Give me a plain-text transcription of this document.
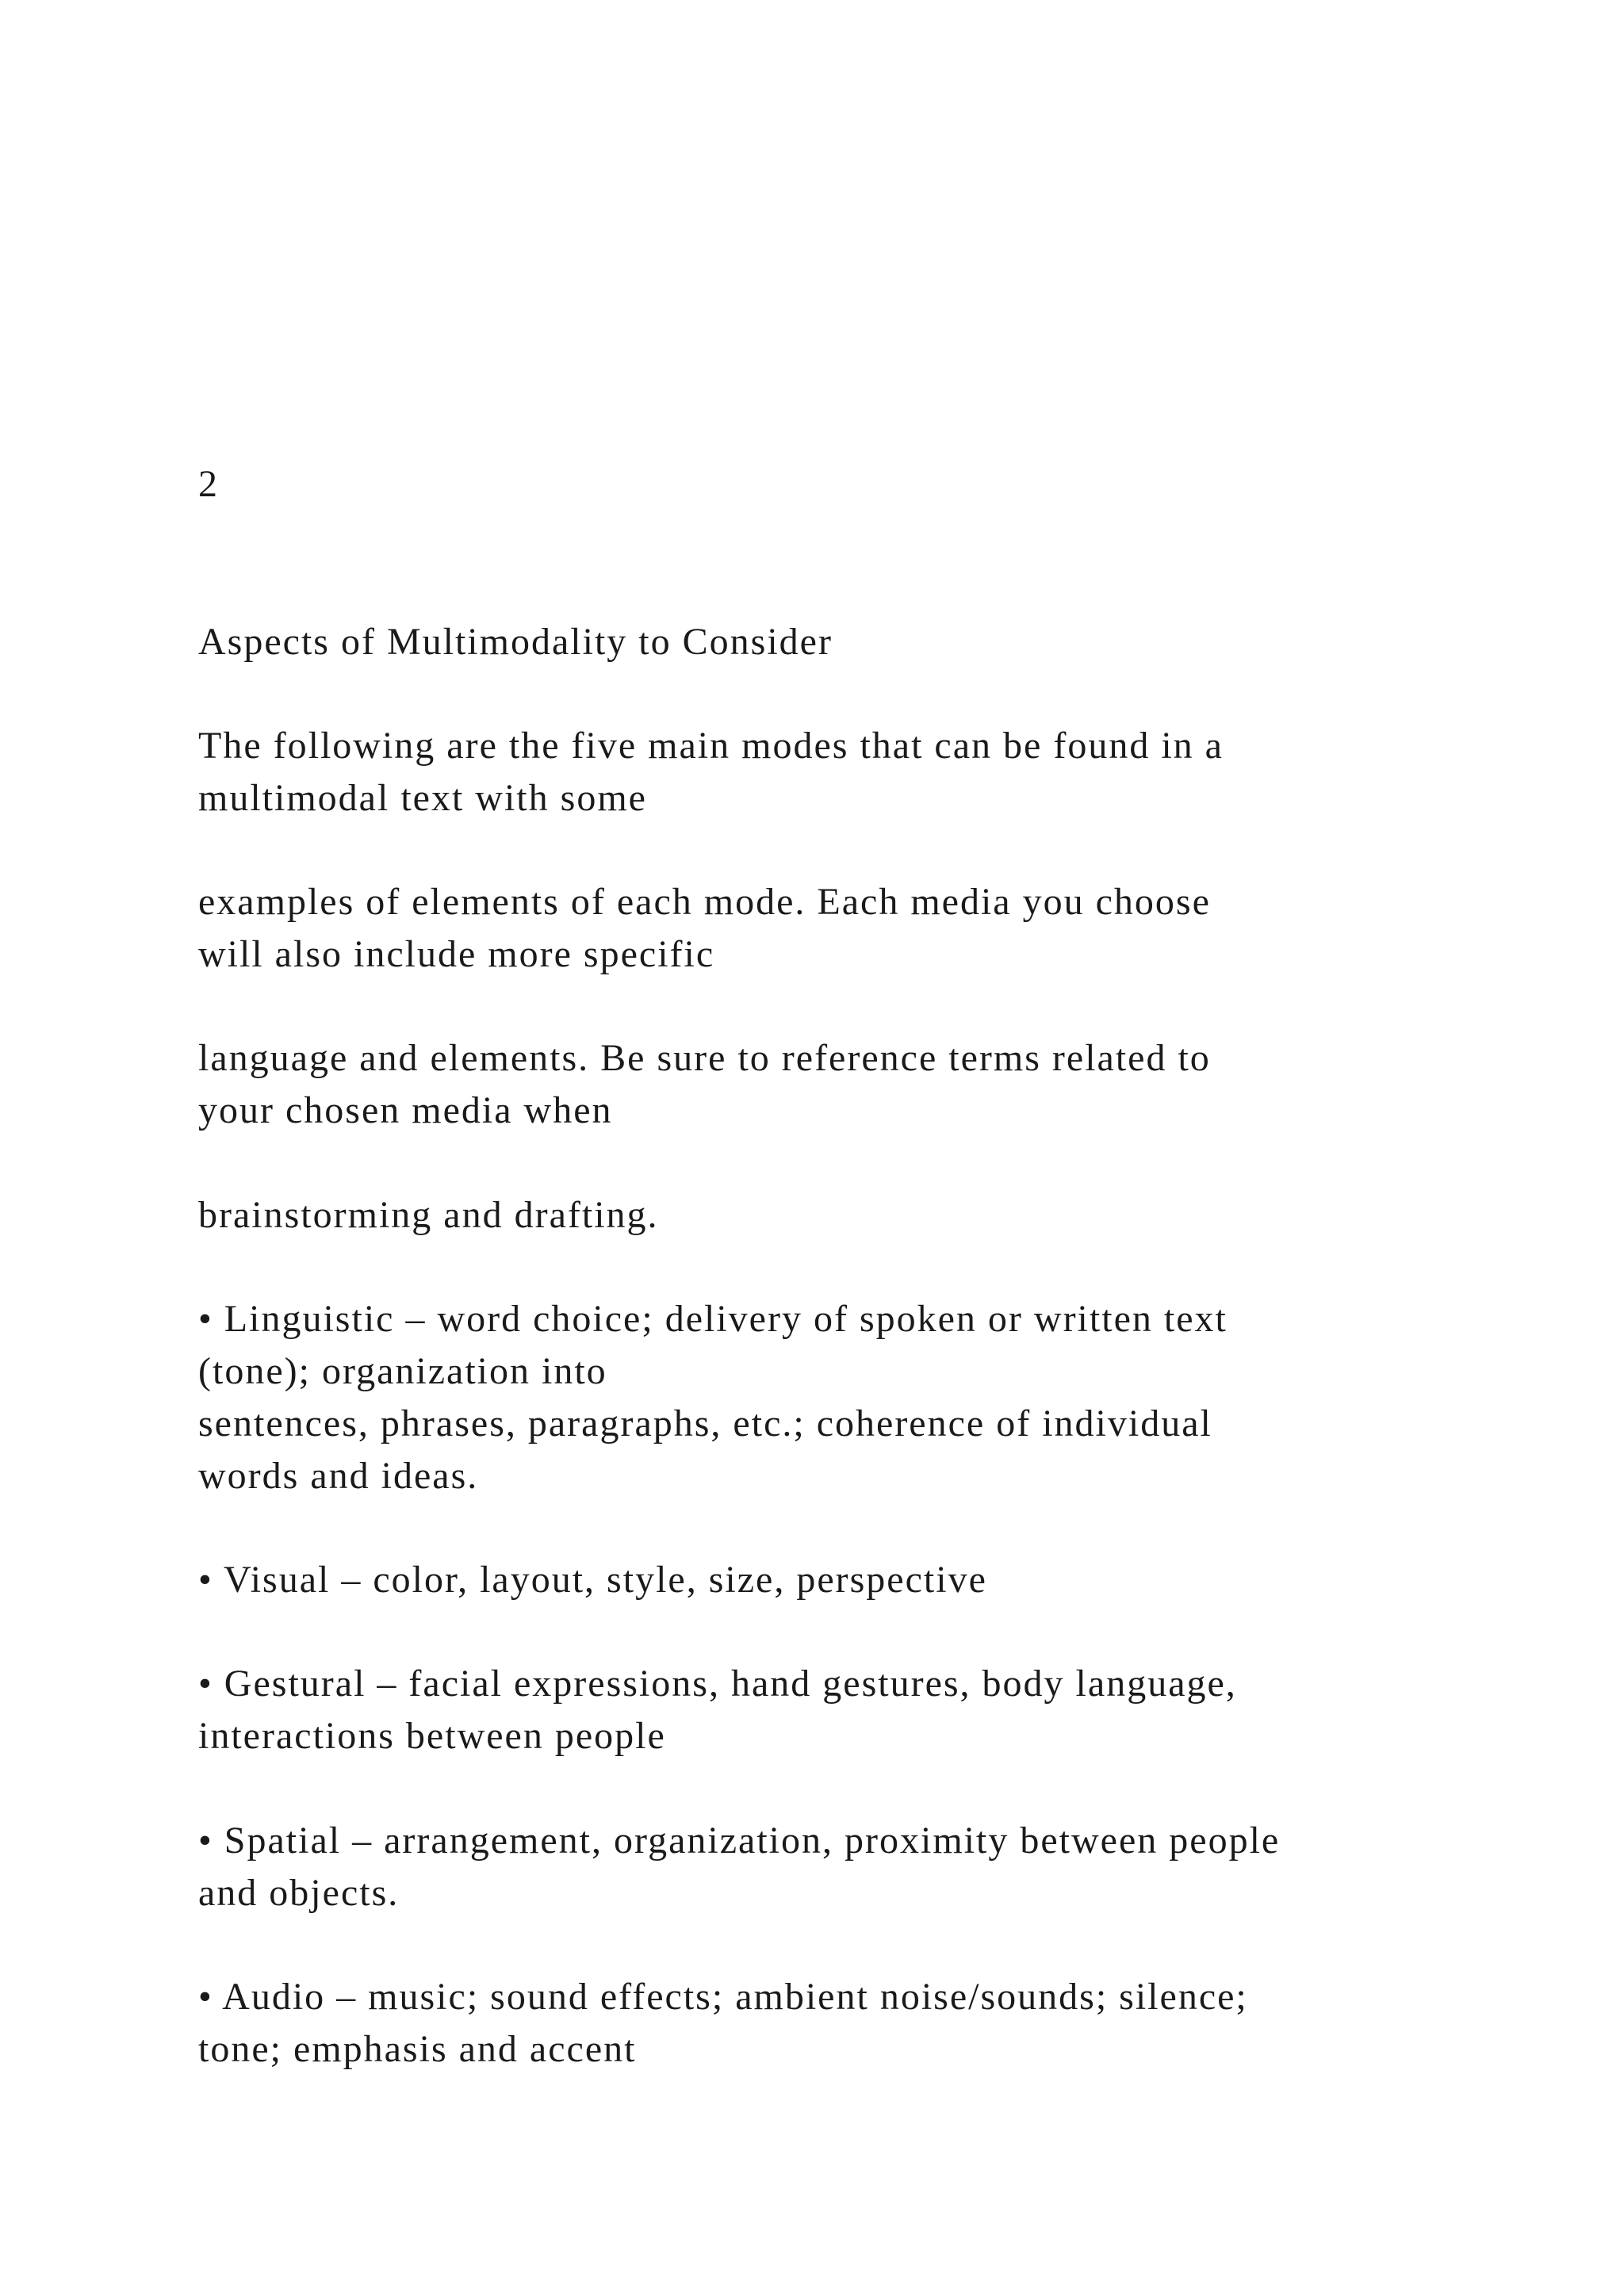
2
Aspects of Multimodality to Consider
The following are the five main modes that can be found in a
multimodal text with some
examples of elements of each mode. Each media you choose
will also include more specific
language and elements. Be sure to reference terms related to
your chosen media when
brainstorming and drafting.
• Linguistic – word choice; delivery of spoken or written text
(tone); organization into
sentences, phrases, paragraphs, etc.; coherence of individual
words and ideas.
• Visual – color, layout, style, size, perspective
• Gestural – facial expressions, hand gestures, body language,
interactions between people
• Spatial – arrangement, organization, proximity between people
and objects.
• Audio – music; sound effects; ambient noise/sounds; silence;
tone; emphasis and accent
